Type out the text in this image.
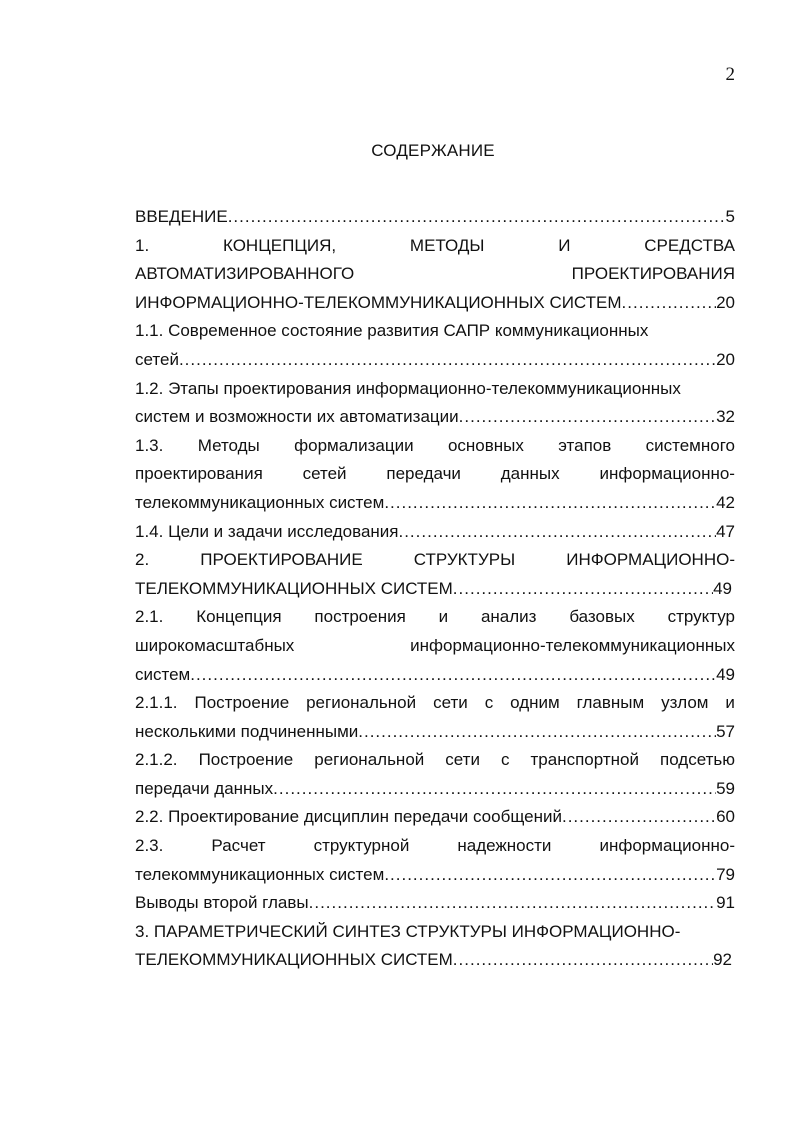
2
СОДЕРЖАНИЕ
ВВЕДЕНИЕ .....	5
1.	КОНЦЕПЦИЯ,	МЕТОДЫ	И	СРЕДСТВА
АВТОМАТИЗИРОВАННОГО	ПРОЕКТИРОВАНИЯ
ИНФОРМАЦИОННО-ТЕЛЕКОММУНИКАЦИОННЫХ СИСТЕМ .....	20
1.1. Современное состояние развития САПР коммуникационных
сетей .....	20
1.2. Этапы проектирования информационно-телекоммуникационных
систем и возможности их автоматизации .....	32
1.3. Методы формализации основных этапов системного
проектирования сетей передачи данных информационно-
телекоммуникационных систем .....	42
1.4. Цели и задачи исследования .....	47
2.	ПРОЕКТИРОВАНИЕ	СТРУКТУРЫ	ИНФОРМАЦИОННО-
ТЕЛЕКОММУНИКАЦИОННЫХ СИСТЕМ .....	49
2.1. Концепция построения и анализ базовых структур
широкомасштабных	информационно-телекоммуникационных
систем .....	49
2.1.1. Построение региональной сети с одним главным узлом и
несколькими подчиненными .....	57
2.1.2. Построение региональной сети с транспортной подсетью
передачи данных .....	59
2.2. Проектирование дисциплин передачи сообщений .....	60
2.3.	Расчет	структурной	надежности	информационно-
телекоммуникационных систем .....	79
Выводы второй главы .....	91
3. ПАРАМЕТРИЧЕСКИЙ СИНТЕЗ СТРУКТУРЫ ИНФОРМАЦИОННО-
ТЕЛЕКОММУНИКАЦИОННЫХ СИСТЕМ .....	92
